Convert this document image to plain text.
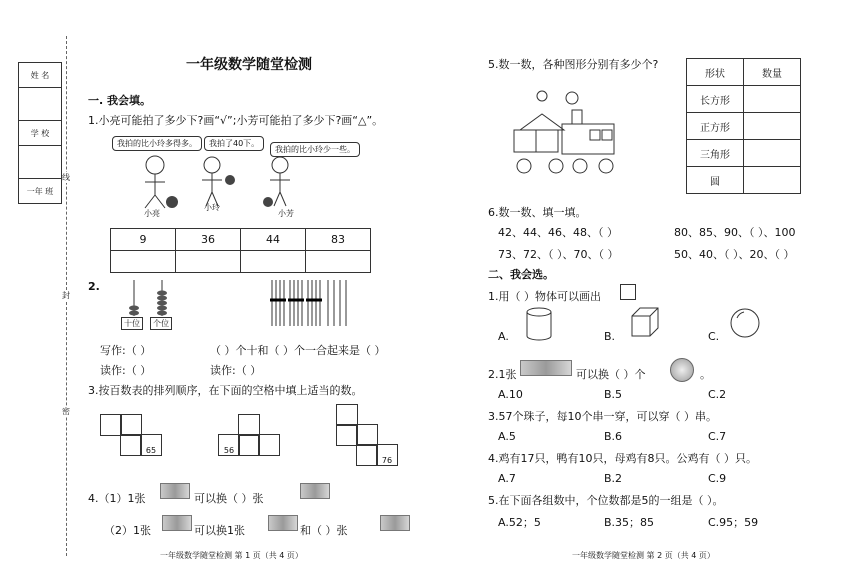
姓 名

学 校

一年 班
线
封
密
一年级数学随堂检测
一. 我会填。
1.小亮可能拍了多少下?画“√”;小芳可能拍了多少下?画“△”。
我拍的比小玲多得多。	我拍了40下。
我拍的比小玲少一些。
小亮
小玲
小芳
9	36	44	83

2.
十位	个位
写作:（ ）	（ ）个十和（ ）个一合起来是（ ）
读作:（ ）	读作:（ ）
3.按百数表的排列顺序，在下面的空格中填上适当的数。
65	56
76
4.（1）1张	可以换（ ）张
（2）1张	可以换1张	和（ ）张
一年级数学随堂检测 第 1 页（共 4 页）
5.数一数，各种图形分别有多少个?
形状	数量
长方形	
正方形	
三角形	
圆	
6.数一数、填一填。
42、44、46、48、（ ）	80、85、90、（ ）、100
73、72、（ ）、70、（ ）	50、40、（ ）、20、（ ）
二、我会选。
1.用（ ）物体可以画出
A.	B.	C.
2.1张	可以换（ ）个	。
A.10	B.5	C.2
3.57个珠子，每10个串一穿，可以穿（ ）串。
A.5	B.6	C.7
4.鸡有17只，鸭有10只，母鸡有8只。公鸡有（ ）只。
A.7	B.2	C.9
5.在下面各组数中，个位数都是5的一组是（ ）。
A.52；5	B.35；85	C.95；59
一年级数学随堂检测 第 2 页（共 4 页）
